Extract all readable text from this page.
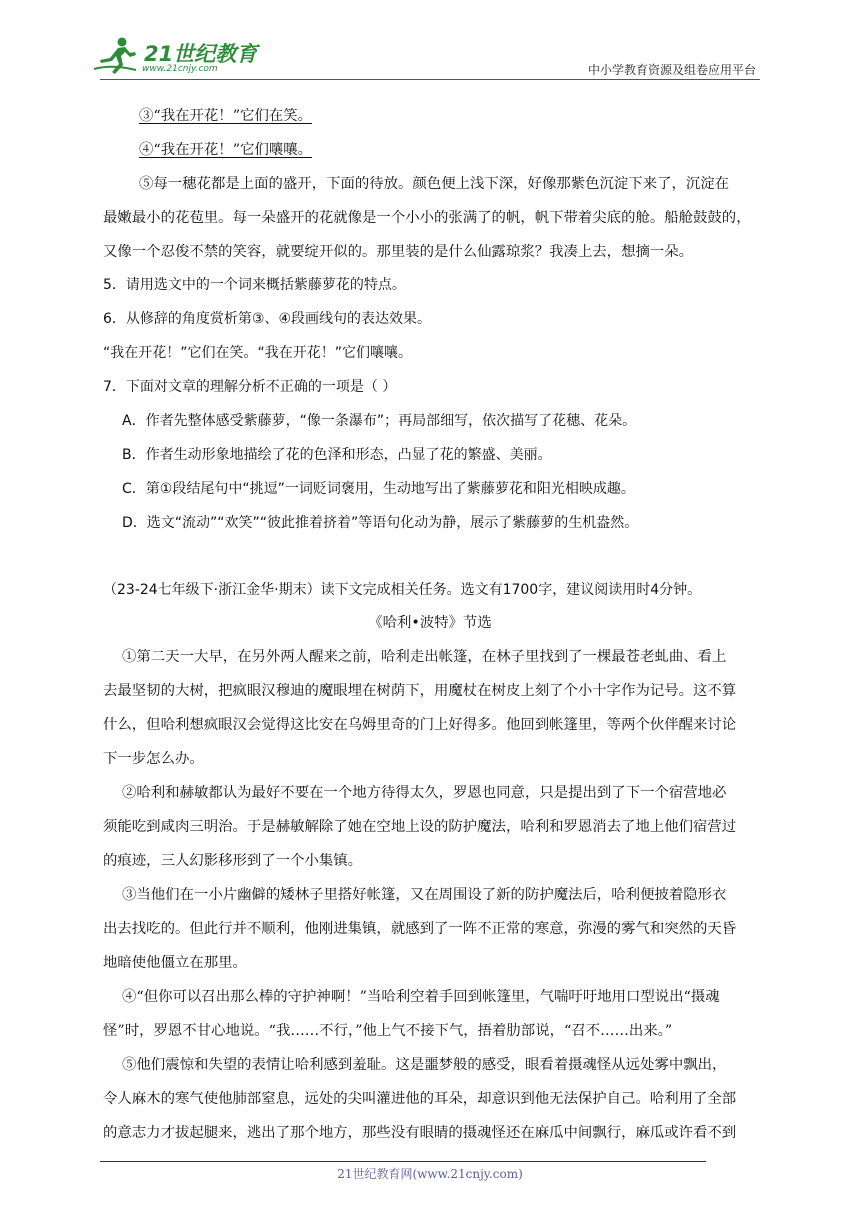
21世纪教育
www.21cnjy.com	中小学教育资源及组卷应用平台
③“我在开花！”它们在笑。
④“我在开花！”它们嚷嚷。
⑤每一穗花都是上面的盛开，下面的待放。颜色便上浅下深，好像那紫色沉淀下来了，沉淀在
最嫩最小的花苞里。每一朵盛开的花就像是一个小小的张满了的帆，帆下带着尖底的舱。船舱鼓鼓的，
又像一个忍俊不禁的笑容，就要绽开似的。那里装的是什么仙露琼浆？我凑上去，想摘一朵。
5．请用选文中的一个词来概括紫藤萝花的特点。
6．从修辞的角度赏析第③、④段画线句的表达效果。
“我在开花！”它们在笑。“我在开花！”它们嚷嚷。
7．下面对文章的理解分析不正确的一项是（ ）
A．作者先整体感受紫藤萝，“像一条瀑布”；再局部细写，依次描写了花穗、花朵。
B．作者生动形象地描绘了花的色泽和形态，凸显了花的繁盛、美丽。
C．第①段结尾句中“挑逗”一词贬词褒用，生动地写出了紫藤萝花和阳光相映成趣。
D．选文“流动”“欢笑”“彼此推着挤着”等语句化动为静，展示了紫藤萝的生机盎然。
（23-24七年级下·浙江金华·期末）读下文完成相关任务。选文有1700字，建议阅读用时4分钟。
《哈利•波特》节选
①第二天一大早，在另外两人醒来之前，哈利走出帐篷，在林子里找到了一棵最苍老虬曲、看上
去最坚韧的大树，把疯眼汉穆迪的魔眼埋在树荫下，用魔杖在树皮上刻了个小十字作为记号。这不算
什么，但哈利想疯眼汉会觉得这比安在乌姆里奇的门上好得多。他回到帐篷里，等两个伙伴醒来讨论
下一步怎么办。
②哈利和赫敏都认为最好不要在一个地方待得太久，罗恩也同意，只是提出到了下一个宿营地必
须能吃到咸肉三明治。于是赫敏解除了她在空地上设的防护魔法，哈利和罗恩消去了地上他们宿营过
的痕迹，三人幻影移形到了一个小集镇。
③当他们在一小片幽僻的矮林子里搭好帐篷，又在周围设了新的防护魔法后，哈利便披着隐形衣
出去找吃的。但此行并不顺利，他刚进集镇，就感到了一阵不正常的寒意，弥漫的雾气和突然的天昏
地暗使他僵立在那里。
④“但你可以召出那么棒的守护神啊！”当哈利空着手回到帐篷里，气喘吁吁地用口型说出“摄魂
怪”时，罗恩不甘心地说。“我……不行，”他上气不接下气，捂着肋部说，“召不……出来。”
⑤他们震惊和失望的表情让哈利感到羞耻。这是噩梦般的感受，眼看着摄魂怪从远处雾中飘出，
令人麻木的寒气使他肺部窒息，远处的尖叫灌进他的耳朵，却意识到他无法保护自己。哈利用了全部
的意志力才拔起腿来，逃出了那个地方，那些没有眼睛的摄魂怪还在麻瓜中间飘行，麻瓜或许看不到
21世纪教育网(www.21cnjy.com)
